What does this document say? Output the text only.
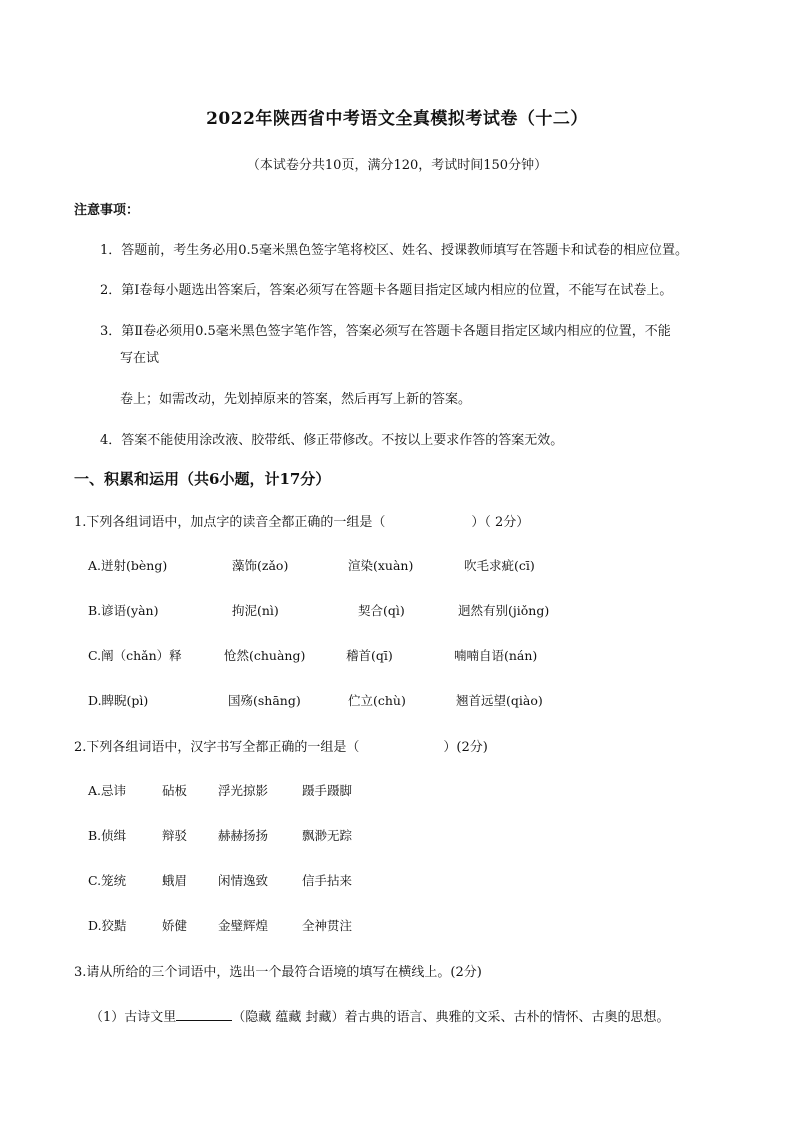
2022年陕西省中考语文全真模拟考试卷（十二）
（本试卷分共10页，满分120，考试时间150分钟）
注意事项：
1．答题前，考生务必用0.5毫米黑色签字笔将校区、姓名、授课教师填写在答题卡和试卷的相应位置。
2．第Ⅰ卷每小题选出答案后，答案必须写在答题卡各题目指定区域内相应的位置，不能写在试卷上。
3．第Ⅱ卷必须用0.5毫米黑色签字笔作答，答案必须写在答题卡各题目指定区域内相应的位置，不能
写在试
卷上；如需改动，先划掉原来的答案，然后再写上新的答案。
4．答案不能使用涂改液、胶带纸、修正带修改。不按以上要求作答的答案无效。
一、积累和运用（共6小题，计17分）
1.下列各组词语中，加点字的读音全都正确的一组是（	）（ 2分）
A.迸射(bèng)	藻饰(zǎo)	渲染(xuàn)	吹毛求疵(cī)
B.谚语(yàn)	拘泥(nì)	契合(qì)	迥然有别(jiǒng)
C.阐（chǎn）释	怆然(chuàng)	稽首(qī)	喃喃自语(nán)
D.睥睨(pì)	国殇(shāng)	伫立(chù)	翘首远望(qiào)
2.下列各组词语中，汉字书写全都正确的一组是（	）(2分)
A.忌讳	砧板 浮光掠影	蹑手蹑脚
B.侦缉	辩驳 赫赫扬扬	飘渺无踪
C.笼统	蛾眉 闲情逸致	信手拈来
D.狡黠	娇健 金璧辉煌	全神贯注
3.请从所给的三个词语中，选出一个最符合语境的填写在横线上。(2分)
（1）古诗文里	（隐藏 蕴藏 封藏）着古典的语言、典雅的文采、古朴的情怀、古奥的思想。
